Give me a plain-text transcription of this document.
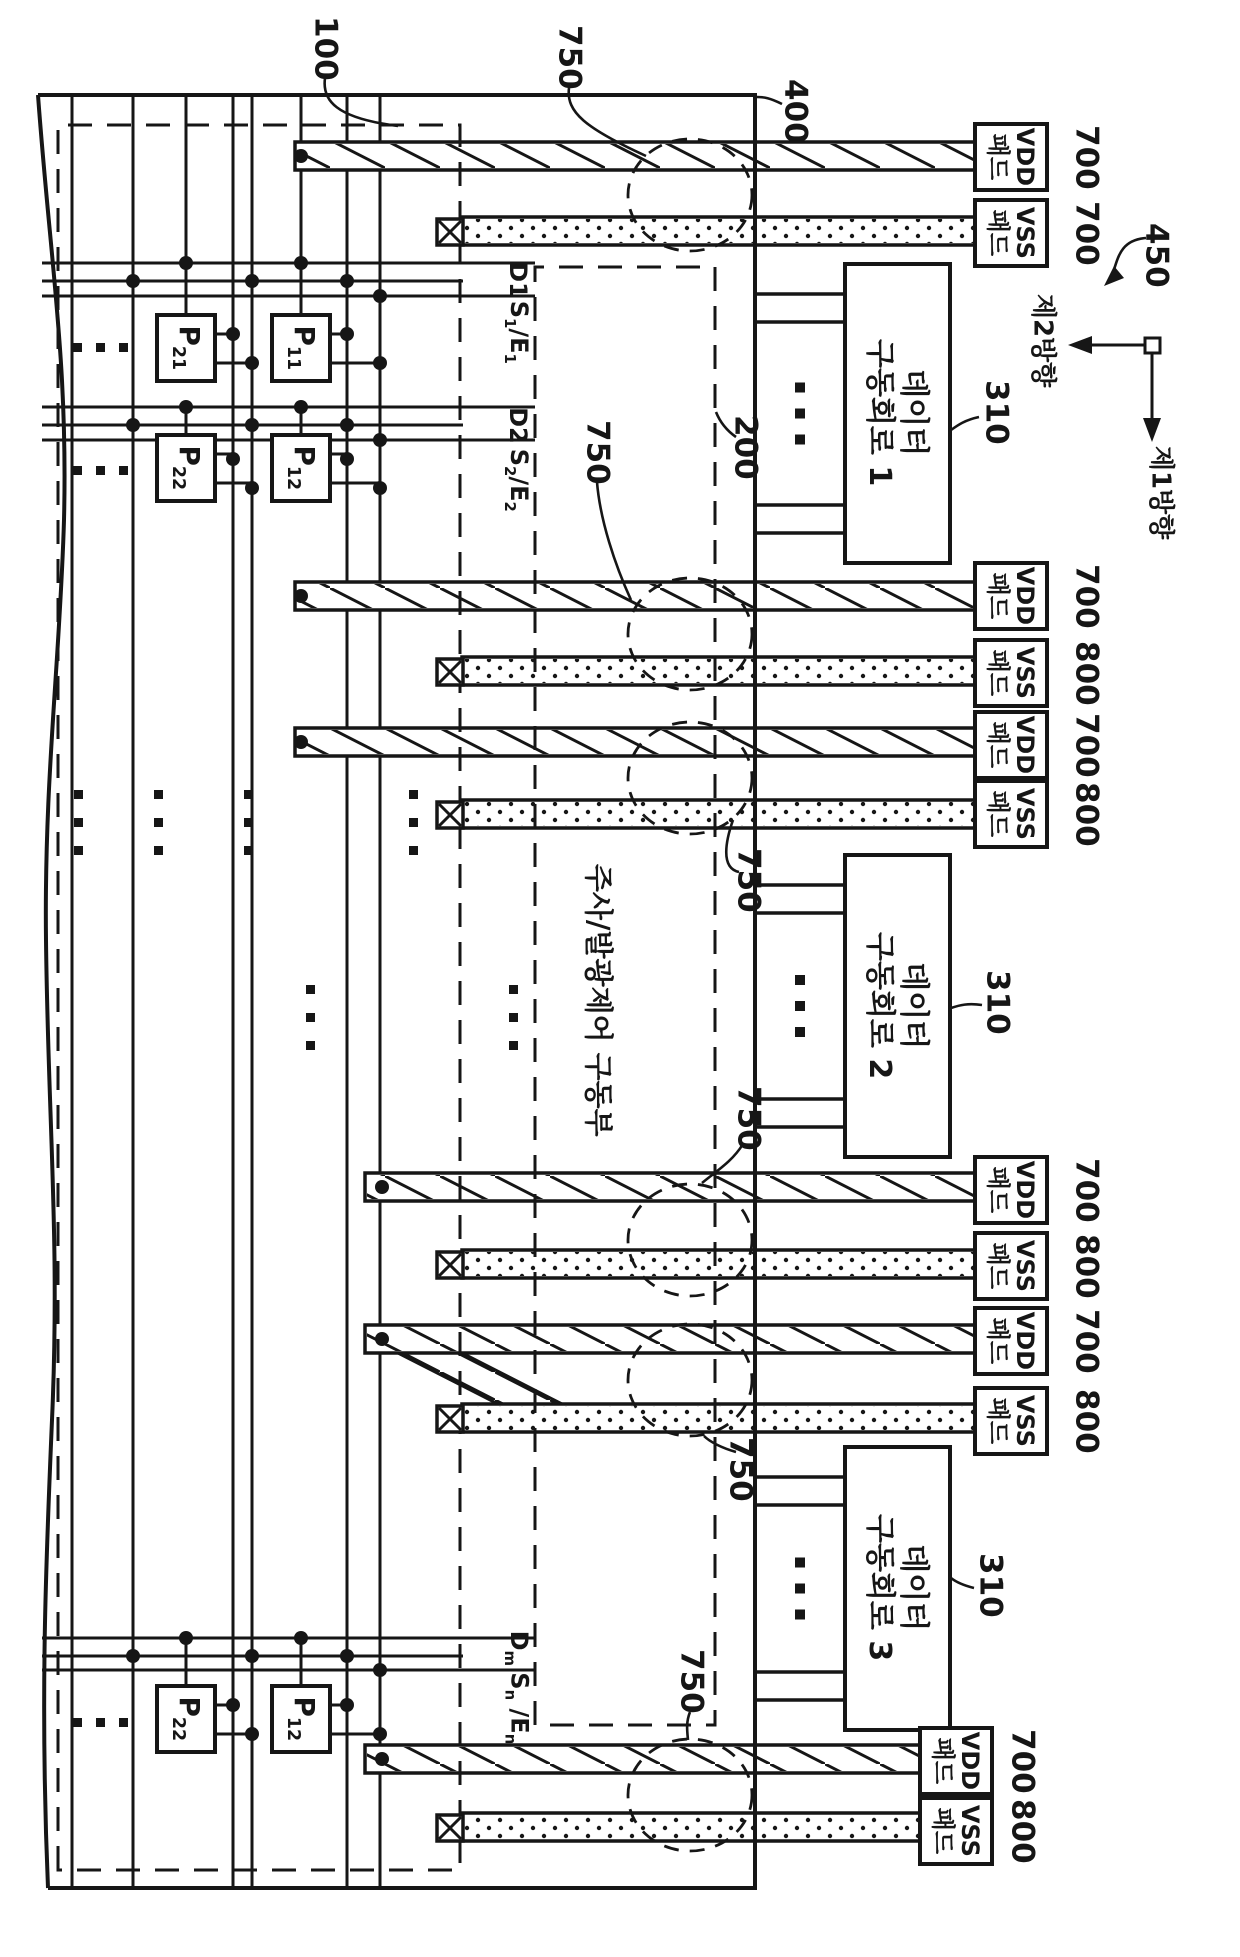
100	750
400
VDD
패드 700
VSS
패드 700 450
제2방향
제1방향
D1
$S_1/E_1$
D2
$S_2/E_2$
200
750	데이터
구동회로 1	310
VDD
패드 700
VSS
패드 800
VDD
패드 700
VSS
패드 800
750
데이터
구동회로 2	310
750
주사/발광제어 구동부
VDD
패드 700
VSS
패드 800
VDD
패드 700
VSS
패드 800
750
데이터
구동회로 3 310
$D_m$
$S_n$ $/E_n$
750
VDD
패드 700
VSS
패드 800
$P_{21}$
$P_{11}$
$P_{22}$
$P_{12}$
$P_{22}$
$P_{12}$
